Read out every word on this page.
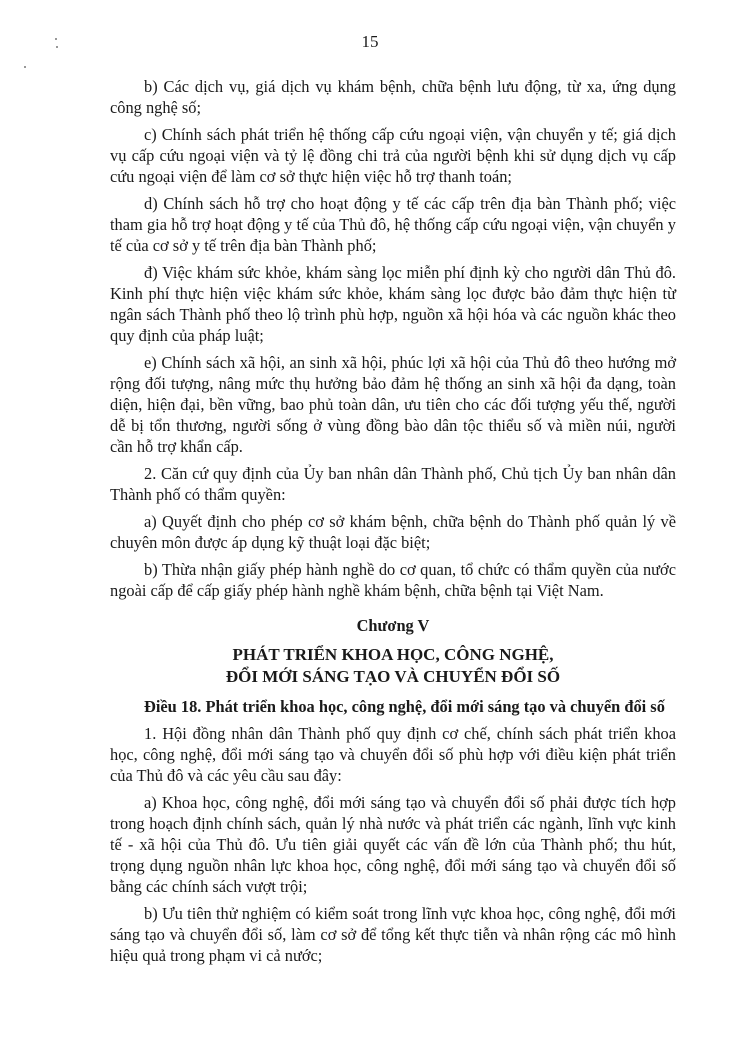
15

b) Các dịch vụ, giá dịch vụ khám bệnh, chữa bệnh lưu động, từ xa, ứng dụng công nghệ số;

c) Chính sách phát triển hệ thống cấp cứu ngoại viện, vận chuyển y tế; giá dịch vụ cấp cứu ngoại viện và tỷ lệ đồng chi trả của người bệnh khi sử dụng dịch vụ cấp cứu ngoại viện để làm cơ sở thực hiện việc hỗ trợ thanh toán;

d) Chính sách hỗ trợ cho hoạt động y tế các cấp trên địa bàn Thành phố; việc tham gia hỗ trợ hoạt động y tế của Thủ đô, hệ thống cấp cứu ngoại viện, vận chuyển y tế của cơ sở y tế trên địa bàn Thành phố;

đ) Việc khám sức khỏe, khám sàng lọc miễn phí định kỳ cho người dân Thủ đô. Kinh phí thực hiện việc khám sức khỏe, khám sàng lọc được bảo đảm thực hiện từ ngân sách Thành phố theo lộ trình phù hợp, nguồn xã hội hóa và các nguồn khác theo quy định của pháp luật;

e) Chính sách xã hội, an sinh xã hội, phúc lợi xã hội của Thủ đô theo hướng mở rộng đối tượng, nâng mức thụ hưởng bảo đảm hệ thống an sinh xã hội đa dạng, toàn diện, hiện đại, bền vững, bao phủ toàn dân, ưu tiên cho các đối tượng yếu thế, người dễ bị tổn thương, người sống ở vùng đồng bào dân tộc thiểu số và miền núi, người cần hỗ trợ khẩn cấp.

2. Căn cứ quy định của Ủy ban nhân dân Thành phố, Chủ tịch Ủy ban nhân dân Thành phố có thẩm quyền:

a) Quyết định cho phép cơ sở khám bệnh, chữa bệnh do Thành phố quản lý về chuyên môn được áp dụng kỹ thuật loại đặc biệt;

b) Thừa nhận giấy phép hành nghề do cơ quan, tổ chức có thẩm quyền của nước ngoài cấp để cấp giấy phép hành nghề khám bệnh, chữa bệnh tại Việt Nam.

Chương V
PHÁT TRIỂN KHOA HỌC, CÔNG NGHỆ,
ĐỔI MỚI SÁNG TẠO VÀ CHUYỂN ĐỔI SỐ
Điều 18. Phát triển khoa học, công nghệ, đổi mới sáng tạo và chuyển đổi số

1. Hội đồng nhân dân Thành phố quy định cơ chế, chính sách phát triển khoa học, công nghệ, đổi mới sáng tạo và chuyển đổi số phù hợp với điều kiện phát triển của Thủ đô và các yêu cầu sau đây:

a) Khoa học, công nghệ, đổi mới sáng tạo và chuyển đổi số phải được tích hợp trong hoạch định chính sách, quản lý nhà nước và phát triển các ngành, lĩnh vực kinh tế - xã hội của Thủ đô. Ưu tiên giải quyết các vấn đề lớn của Thành phố; thu hút, trọng dụng nguồn nhân lực khoa học, công nghệ, đổi mới sáng tạo và chuyển đổi số bằng các chính sách vượt trội;

b) Ưu tiên thử nghiệm có kiểm soát trong lĩnh vực khoa học, công nghệ, đổi mới sáng tạo và chuyển đổi số, làm cơ sở để tổng kết thực tiễn và nhân rộng các mô hình hiệu quả trong phạm vi cả nước;
